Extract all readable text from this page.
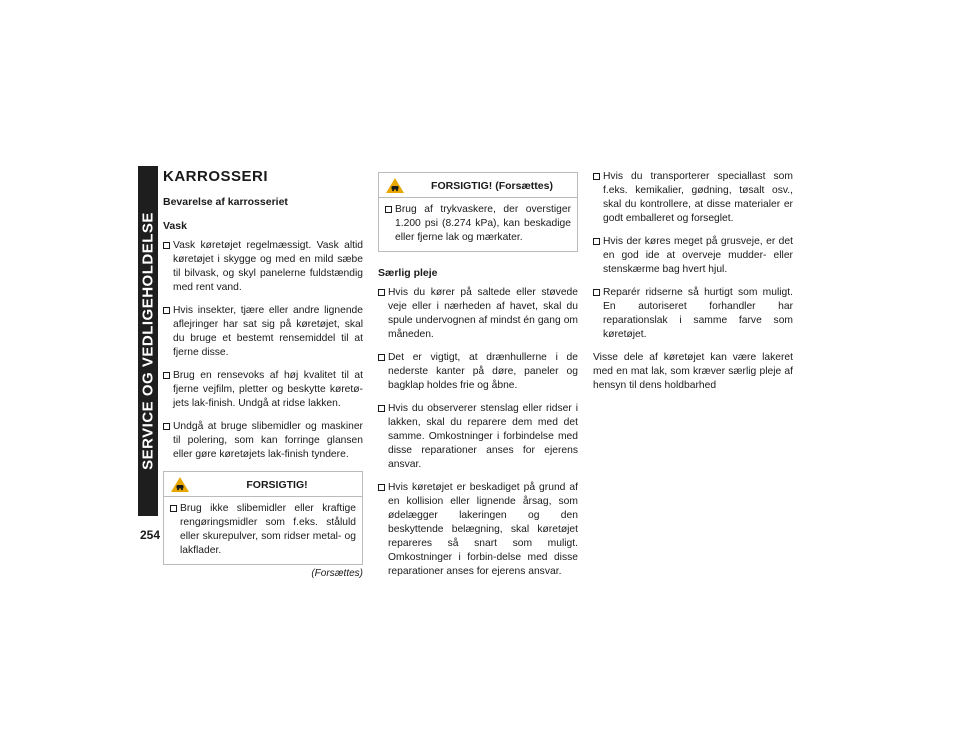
SERVICE OG VEDLIGEHOLDELSE
254
KARROSSERI
Bevarelse af karrosseriet
Vask
Vask køretøjet regelmæssigt. Vask altid køretøjet i skygge og med en mild sæbe til bilvask, og skyl panelerne fuldstændig med rent vand.
Hvis insekter, tjære eller andre lignende aflejringer har sat sig på køretøjet, skal du bruge et bestemt rensemiddel til at fjerne disse.
Brug en rensevoks af høj kvalitet til at fjerne vejfilm, pletter og beskytte køretø-jets lak-finish. Undgå at ridse lakken.
Undgå at bruge slibemidler og maskiner til polering, som kan forringe glansen eller gøre køretøjets lak-finish tyndere.
FORSIGTIG!
Brug ikke slibemidler eller kraftige rengøringsmidler som f.eks. ståluld eller skurepulver, som ridser metal- og lakflader.
(Forsættes)
FORSIGTIG! (Forsættes)
Brug af trykvaskere, der overstiger 1.200 psi (8.274 kPa), kan beskadige eller fjerne lak og mærkater.
Særlig pleje
Hvis du kører på saltede eller støvede veje eller i nærheden af havet, skal du spule undervognen af mindst én gang om måneden.
Det er vigtigt, at drænhullerne i de nederste kanter på døre, paneler og bagklap holdes frie og åbne.
Hvis du observerer stenslag eller ridser i lakken, skal du reparere dem med det samme. Omkostninger i forbindelse med disse reparationer anses for ejerens ansvar.
Hvis køretøjet er beskadiget på grund af en kollision eller lignende årsag, som ødelægger lakeringen og den beskyttende belægning, skal køretøjet repareres så snart som muligt. Omkostninger i forbin-delse med disse reparationer anses for ejerens ansvar.
Hvis du transporterer speciallast som f.eks. kemikalier, gødning, tøsalt osv., skal du kontrollere, at disse materialer er godt emballeret og forseglet.
Hvis der køres meget på grusveje, er det en god ide at overveje mudder- eller stenskærme bag hvert hjul.
Reparér ridserne så hurtigt som muligt. En autoriseret forhandler har reparationslak i samme farve som køretøjet.

Visse dele af køretøjet kan være lakeret med en mat lak, som kræver særlig pleje af hensyn til dens holdbarhed
